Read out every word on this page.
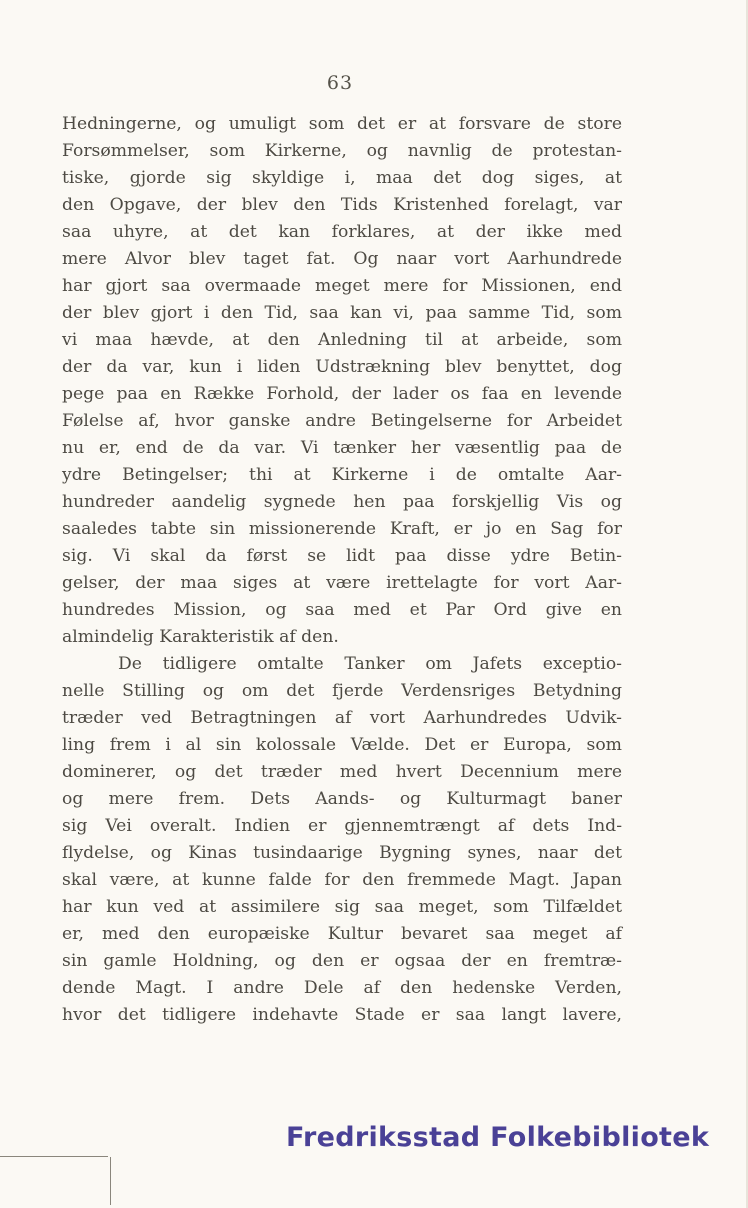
63
Hedningerne, og umuligt som det er at forsvare de store
Forsømmelser, som Kirkerne, og navnlig de protestan-
tiske, gjorde sig skyldige i, maa det dog siges, at
den Opgave, der blev den Tids Kristenhed forelagt, var
saa uhyre, at det kan forklares, at der ikke med
mere Alvor blev taget fat. Og naar vort Aarhundrede
har gjort saa overmaade meget mere for Missionen, end
der blev gjort i den Tid, saa kan vi, paa samme Tid, som
vi maa hævde, at den Anledning til at arbeide, som
der da var, kun i liden Udstrækning blev benyttet, dog
pege paa en Række Forhold, der lader os faa en levende
Følelse af, hvor ganske andre Betingelserne for Arbeidet
nu er, end de da var. Vi tænker her væsentlig paa de
ydre Betingelser; thi at Kirkerne i de omtalte Aar-
hundreder aandelig sygnede hen paa forskjellig Vis og
saaledes tabte sin missionerende Kraft, er jo en Sag for
sig. Vi skal da først se lidt paa disse ydre Betin-
gelser, der maa siges at være irettelagte for vort Aar-
hundredes Mission, og saa med et Par Ord give en
almindelig Karakteristik af den.
De tidligere omtalte Tanker om Jafets exceptio-
nelle Stilling og om det fjerde Verdensriges Betydning
træder ved Betragtningen af vort Aarhundredes Udvik-
ling frem i al sin kolossale Vælde. Det er Europa, som
dominerer, og det træder med hvert Decennium mere
og mere frem. Dets Aands- og Kulturmagt baner
sig Vei overalt. Indien er gjennemtrængt af dets Ind-
flydelse, og Kinas tusindaarige Bygning synes, naar det
skal være, at kunne falde for den fremmede Magt. Japan
har kun ved at assimilere sig saa meget, som Tilfældet
er, med den europæiske Kultur bevaret saa meget af
sin gamle Holdning, og den er ogsaa der en fremtræ-
dende Magt. I andre Dele af den hedenske Verden,
hvor det tidligere indehavte Stade er saa langt lavere,
Fredriksstad Folkebibliotek
